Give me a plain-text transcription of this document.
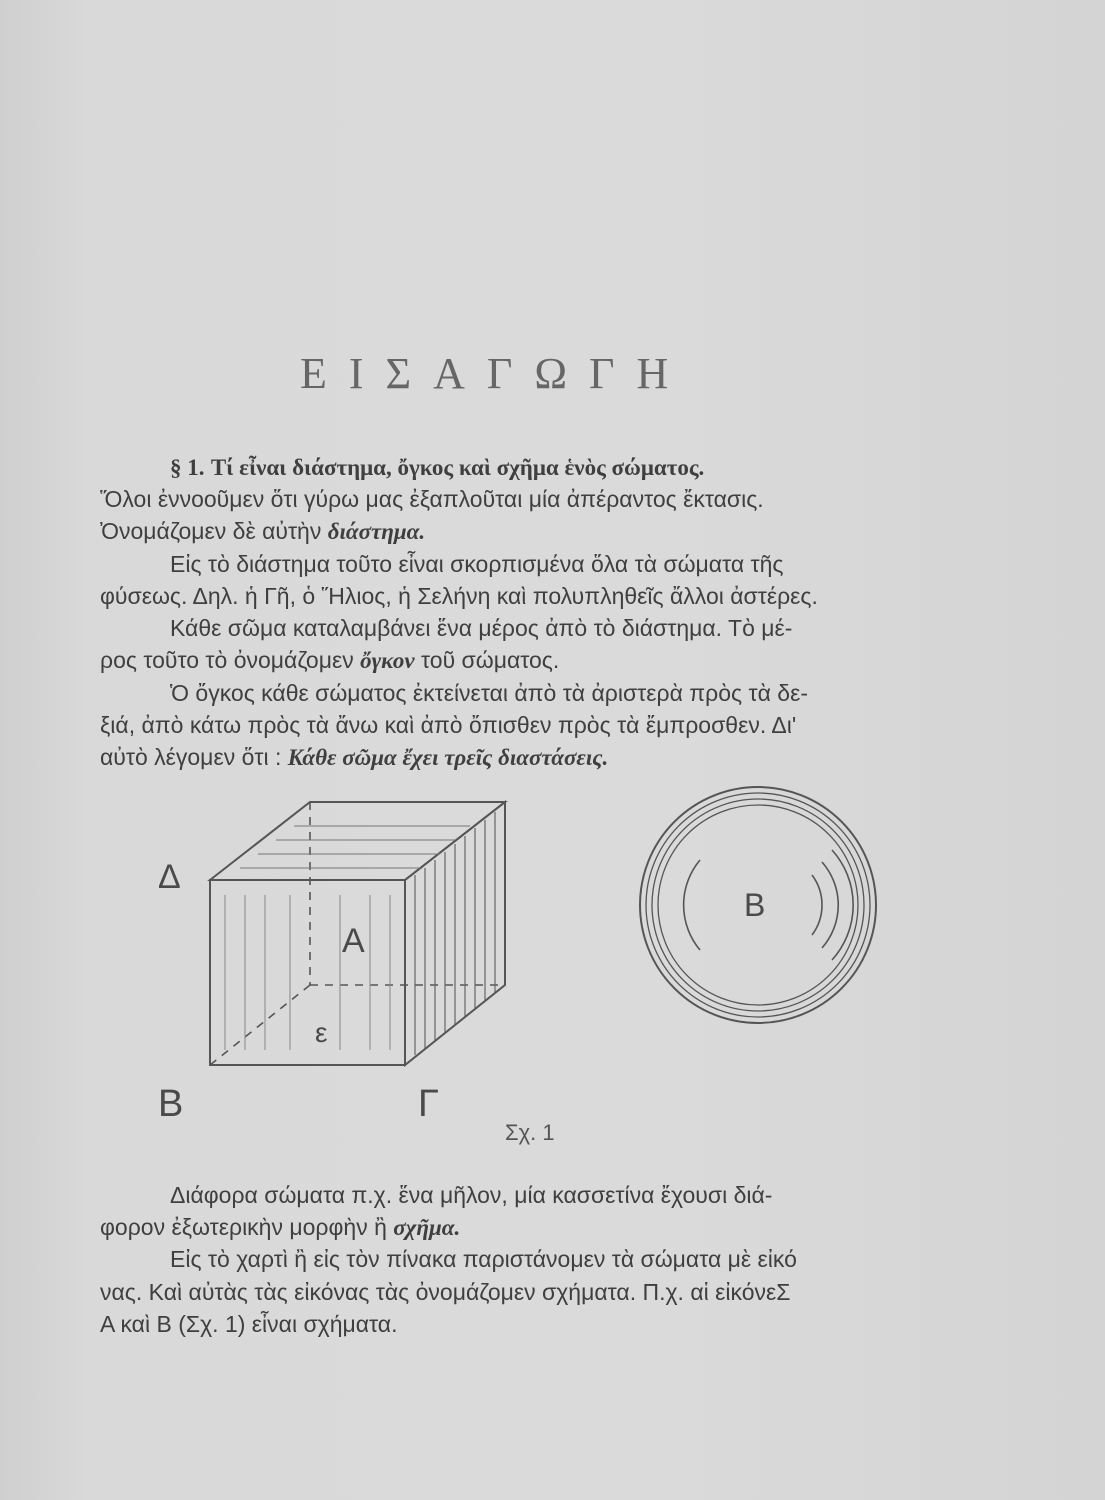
ΕΙΣΑΓΩΓΗ
§ 1. Τί εἶναι διάστημα, ὄγκος καὶ σχῆμα ἑνὸς σώματος.
Ὅλοι ἐννοοῦμεν ὅτι γύρω μας ἐξαπλοῦται μία ἀπέραντος ἔκτασις.
Ὀνομάζομεν δὲ αὐτὴν διάστημα.
Εἰς τὸ διάστημα τοῦτο εἶναι σκορπισμένα ὅλα τὰ σώματα τῆς
φύσεως. Δηλ. ἡ Γῆ, ὁ Ἥλιος, ἡ Σελήνη καὶ πολυπληθεῖς ἄλλοι ἀστέρες.
Κάθε σῶμα καταλαμβάνει ἕνα μέρος ἀπὸ τὸ διάστημα. Τὸ μέ-
ρος τοῦτο τὸ ὀνομάζομεν ὄγκον τοῦ σώματος.
Ὁ ὄγκος κάθε σώματος ἐκτείνεται ἀπὸ τὰ ἀριστερὰ πρὸς τὰ δε-
ξιά, ἀπὸ κάτω πρὸς τὰ ἄνω καὶ ἀπὸ ὄπισθεν πρὸς τὰ ἔμπροσθεν. Δι'
αὐτὸ λέγομεν ὅτι : Κάθε σῶμα ἔχει τρεῖς διαστάσεις.
Δ
Α
ε
Β	Γ
Β
Σχ. 1
Διάφορα σώματα π.χ. ἕνα μῆλον, μία κασσετίνα ἔχουσι διά-
φορον ἐξωτερικὴν μορφὴν ἢ σχῆμα.
Εἰς τὸ χαρτὶ ἢ εἰς τὸν πίνακα παριστάνομεν τὰ σώματα μὲ εἰκό
νας. Καὶ αὐτὰς τὰς εἰκόνας τὰς ὀνομάζομεν σχήματα. Π.χ. αἱ εἰκόνεΣ
Α καὶ Β (Σχ. 1) εἶναι σχήματα.
